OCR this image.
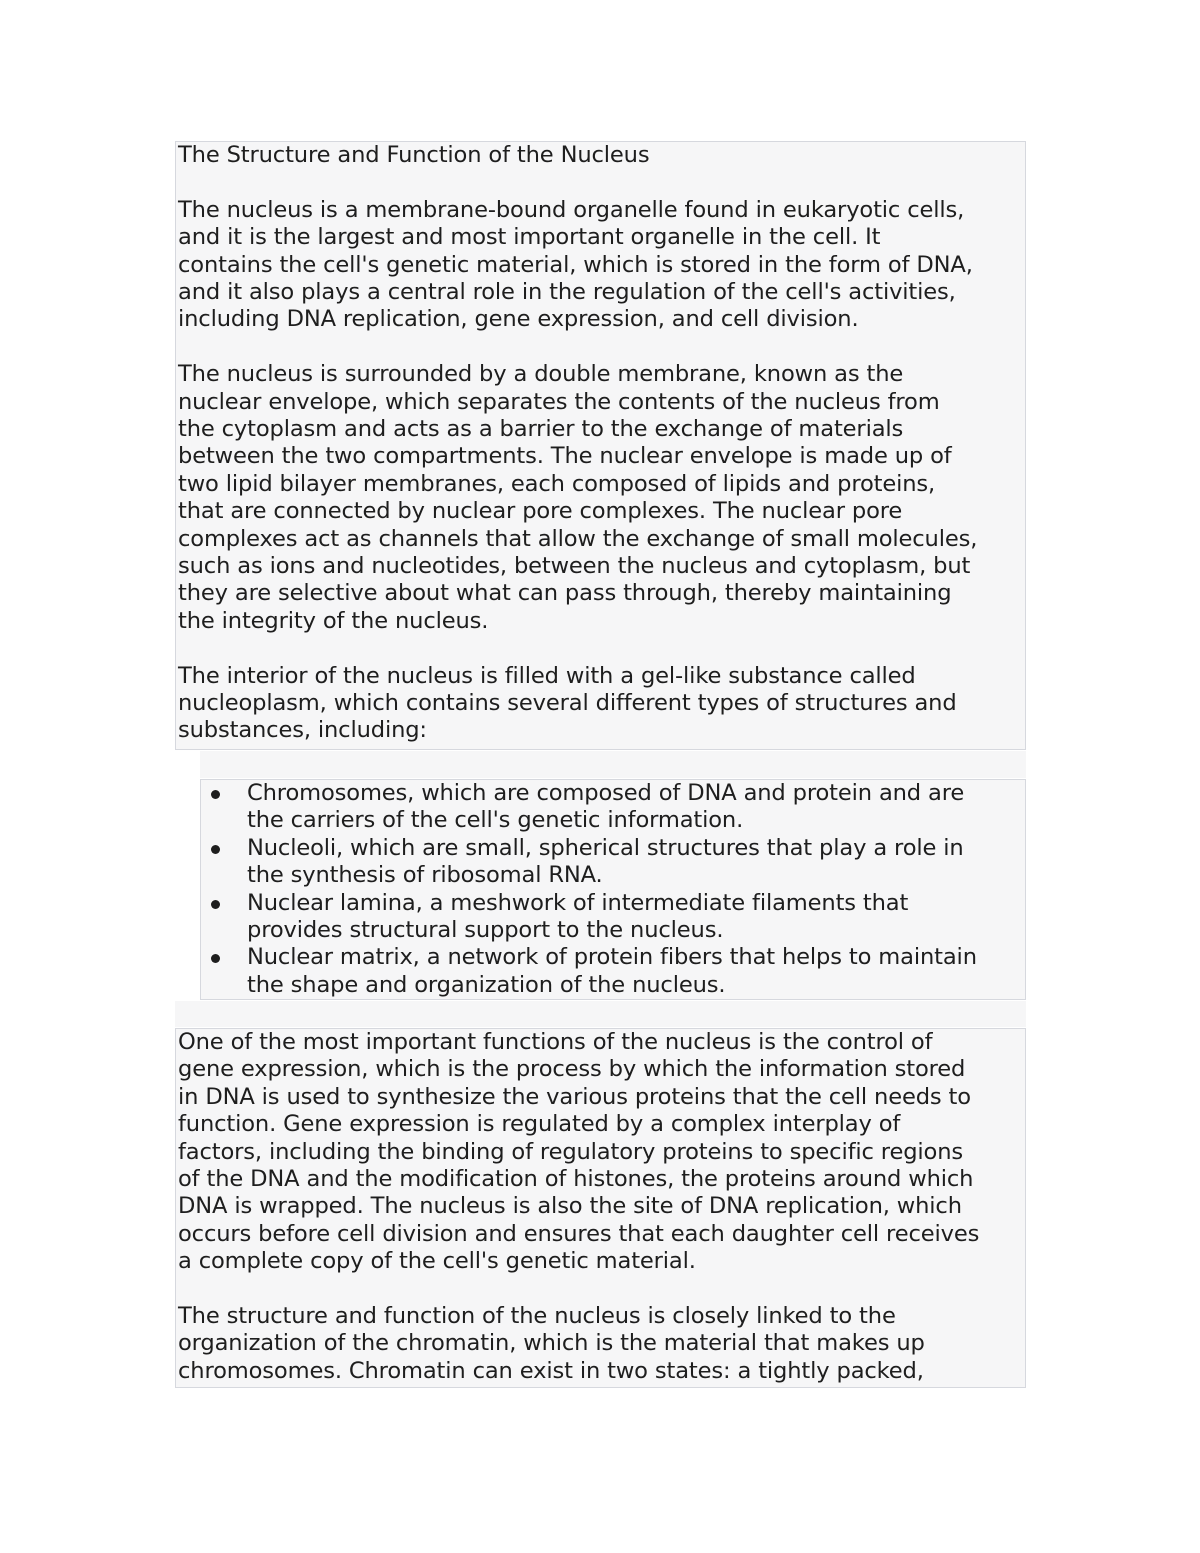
The Structure and Function of the Nucleus

The nucleus is a membrane-bound organelle found in eukaryotic cells,
and it is the largest and most important organelle in the cell. It
contains the cell's genetic material, which is stored in the form of DNA,
and it also plays a central role in the regulation of the cell's activities,
including DNA replication, gene expression, and cell division.

The nucleus is surrounded by a double membrane, known as the
nuclear envelope, which separates the contents of the nucleus from
the cytoplasm and acts as a barrier to the exchange of materials
between the two compartments. The nuclear envelope is made up of
two lipid bilayer membranes, each composed of lipids and proteins,
that are connected by nuclear pore complexes. The nuclear pore
complexes act as channels that allow the exchange of small molecules,
such as ions and nucleotides, between the nucleus and cytoplasm, but
they are selective about what can pass through, thereby maintaining
the integrity of the nucleus.

The interior of the nucleus is filled with a gel-like substance called
nucleoplasm, which contains several different types of structures and
substances, including:

Chromosomes, which are composed of DNA and protein and are
the carriers of the cell's genetic information.
Nucleoli, which are small, spherical structures that play a role in
the synthesis of ribosomal RNA.
Nuclear lamina, a meshwork of intermediate filaments that
provides structural support to the nucleus.
Nuclear matrix, a network of protein fibers that helps to maintain
the shape and organization of the nucleus.

One of the most important functions of the nucleus is the control of
gene expression, which is the process by which the information stored
in DNA is used to synthesize the various proteins that the cell needs to
function. Gene expression is regulated by a complex interplay of
factors, including the binding of regulatory proteins to specific regions
of the DNA and the modification of histones, the proteins around which
DNA is wrapped. The nucleus is also the site of DNA replication, which
occurs before cell division and ensures that each daughter cell receives
a complete copy of the cell's genetic material.

The structure and function of the nucleus is closely linked to the
organization of the chromatin, which is the material that makes up
chromosomes. Chromatin can exist in two states: a tightly packed,
